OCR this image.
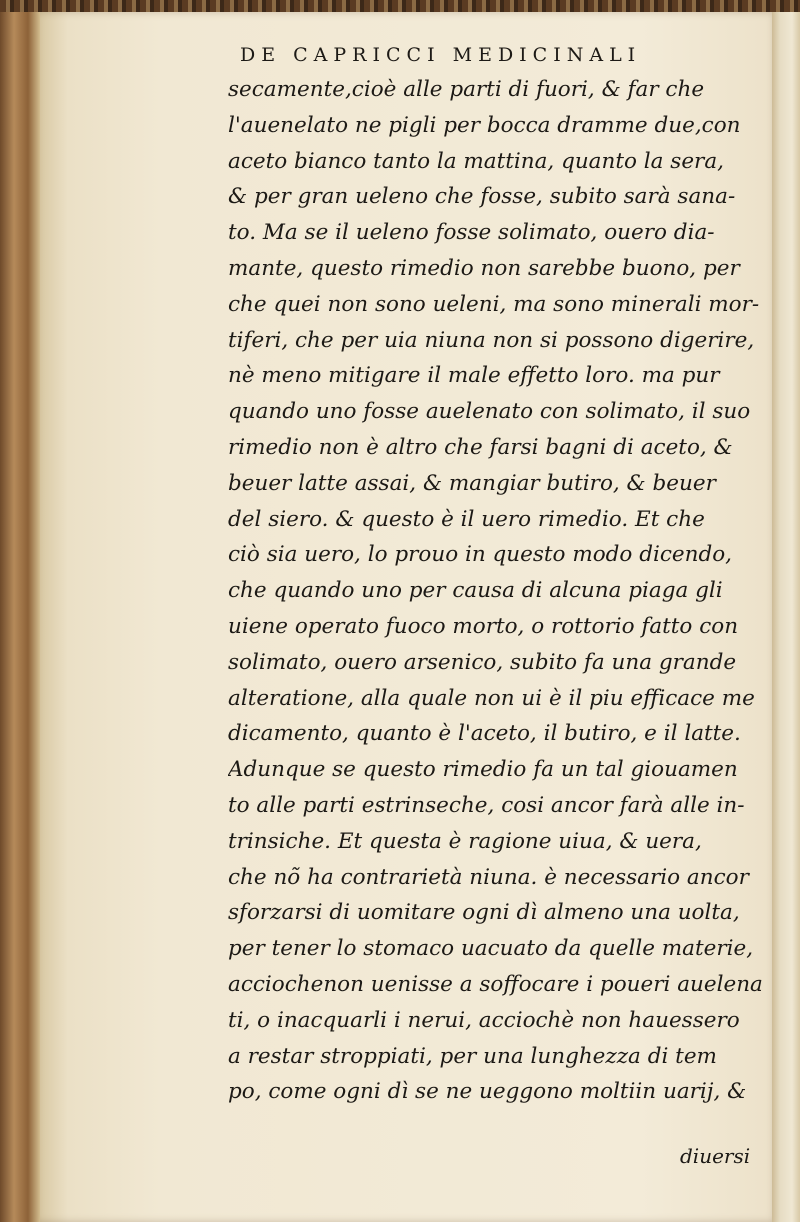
DE CAPRICCI MEDICINALI
secamente,cioè alle parti di fuori, & far che
l'auenelato ne pigli per bocca dramme due,con
aceto bianco tanto la mattina, quanto la sera,
& per gran ueleno che fosse, subito sarà sana-
to. Ma se il ueleno fosse solimato, ouero dia-
mante, questo rimedio non sarebbe buono, per
che quei non sono ueleni, ma sono minerali mor-
tiferi, che per uia niuna non si possono digerire,
nè meno mitigare il male effetto loro. ma pur
quando uno fosse auelenato con solimato, il suo
rimedio non è altro che farsi bagni di aceto, &
beuer latte assai, & mangiar butiro, & beuer
del siero. & questo è il uero rimedio. Et che
ciò sia uero, lo prouo in questo modo dicendo,
che quando uno per causa di alcuna piaga gli
uiene operato fuoco morto, o rottorio fatto con
solimato, ouero arsenico, subito fa una grande
alteratione, alla quale non ui è il piu efficace me
dicamento, quanto è l'aceto, il butiro, e il latte.
Adunque se questo rimedio fa un tal giouamen
to alle parti estrinseche, cosi ancor farà alle in-
trinsiche. Et questa è ragione uiua, & uera,
che nõ ha contrarietà niuna. è necessario ancor
sforzarsi di uomitare ogni dì almeno una uolta,
per tener lo stomaco uacuato da quelle materie,
acciochenon uenisse a soffocare i poueri auelena
ti, o inacquarli i nerui, acciochè non hauessero
a restar stroppiati, per una lunghezza di tem
po, come ogni dì se ne ueggono moltiin uarij, &
diuersi
